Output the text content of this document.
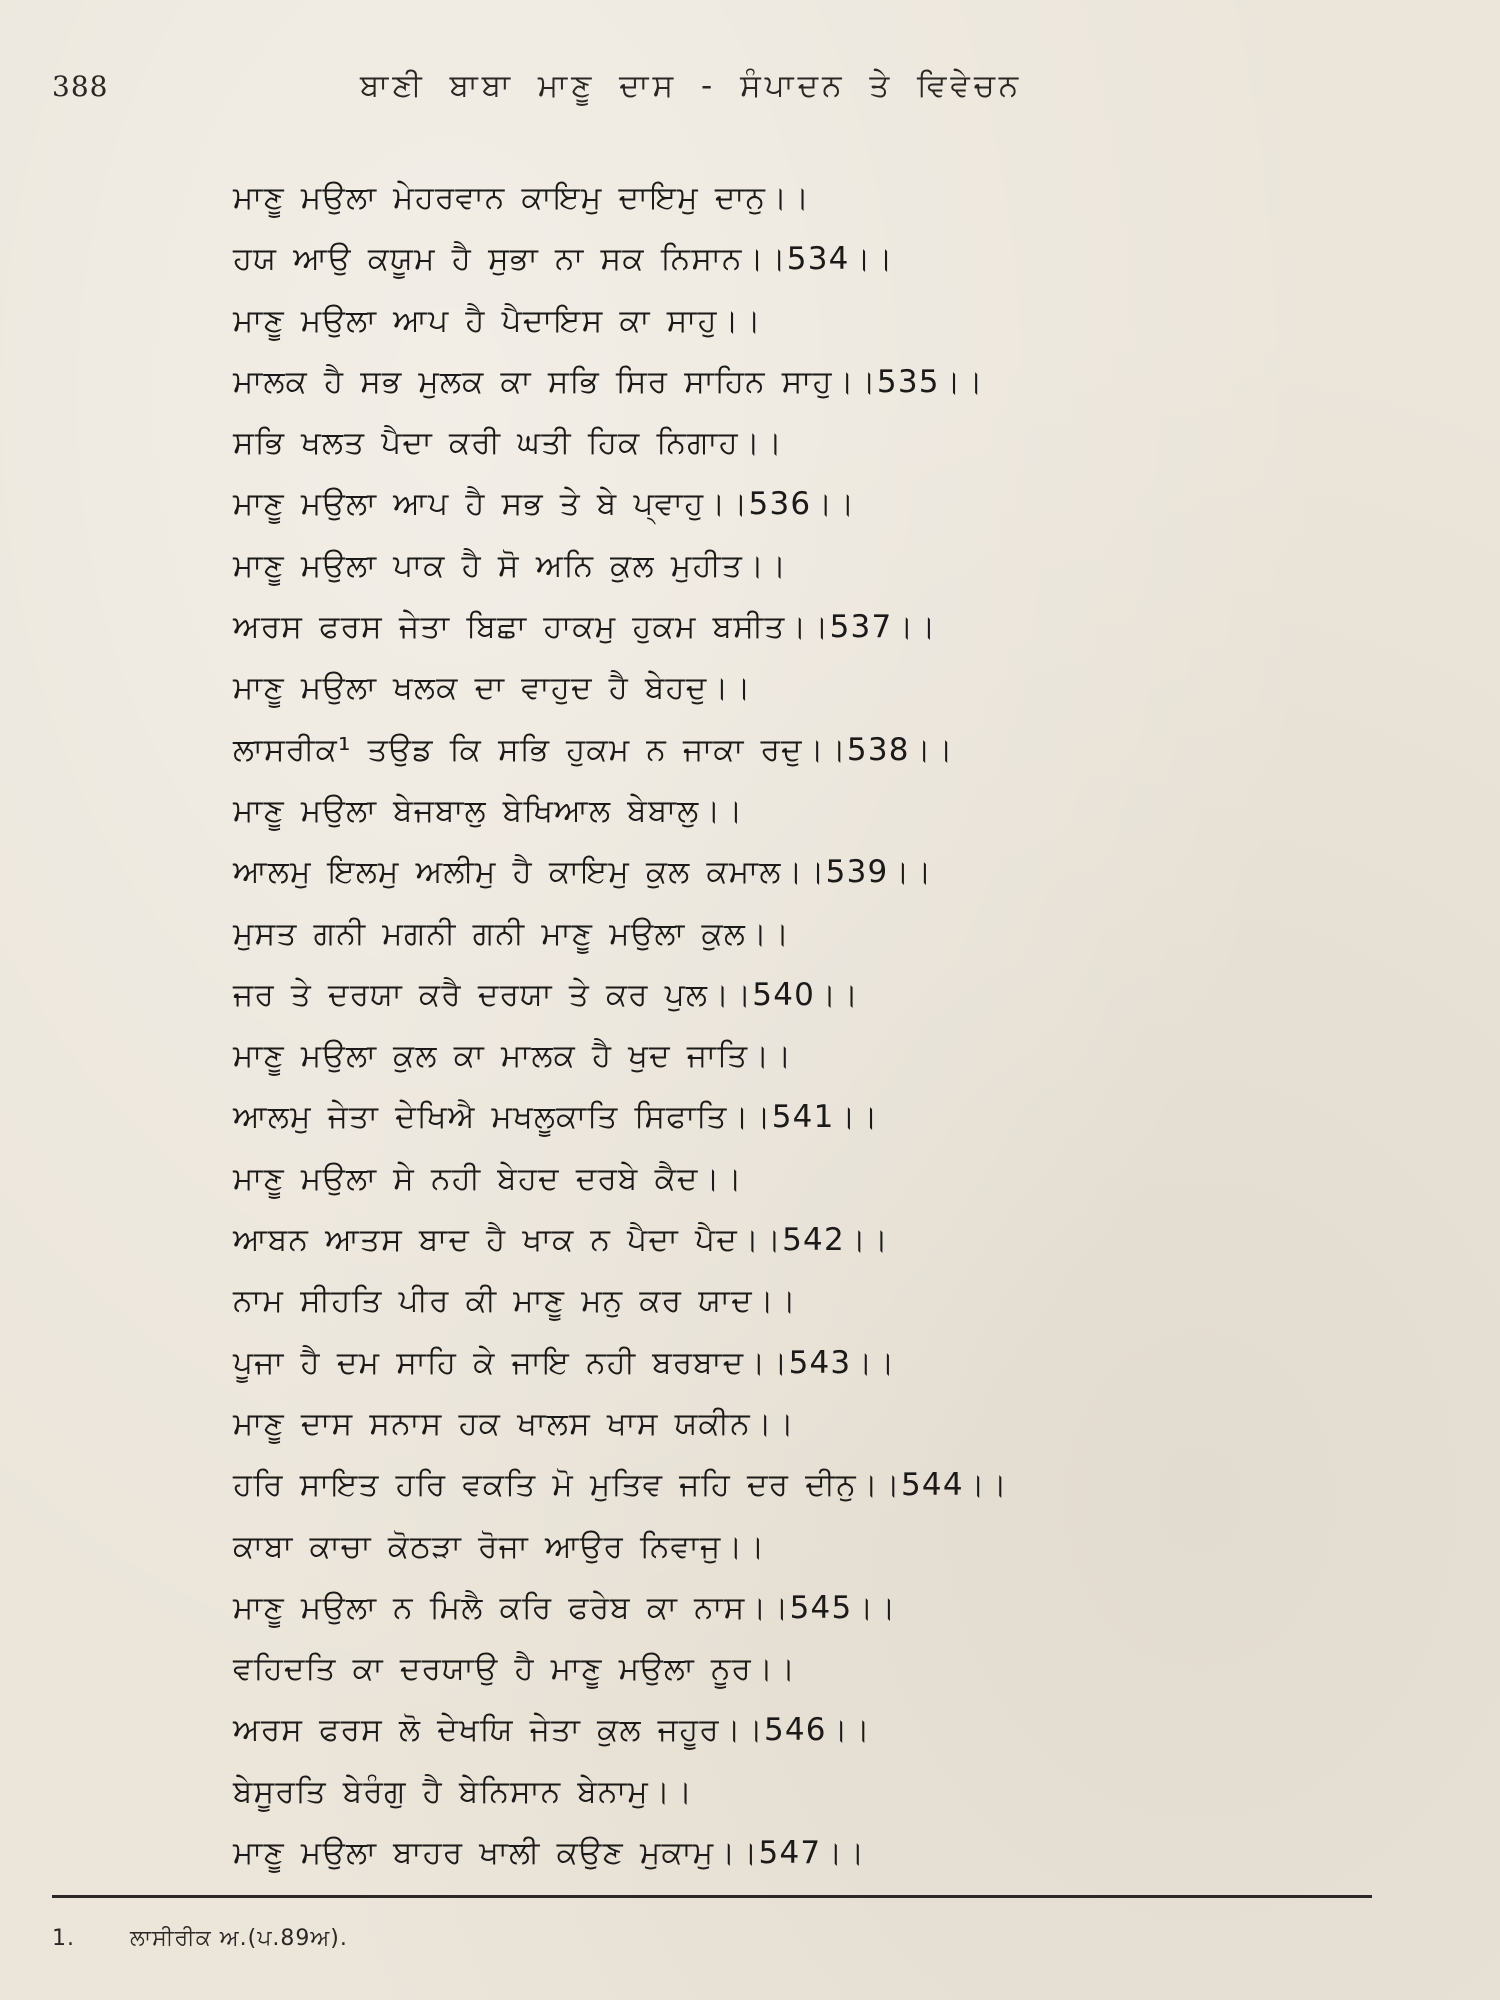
388	ਬਾਣੀ ਬਾਬਾ ਮਾਣੂ ਦਾਸ - ਸੰਪਾਦਨ ਤੇ ਵਿਵੇਚਨ
ਮਾਣੂ ਮਉਲਾ ਮੇਹਰਵਾਨ ਕਾਇਮੁ ਦਾਇਮੁ ਦਾਨੁ।।
ਹਯ ਆਉ ਕਯੂਮ ਹੈ ਸੁਭਾ ਨਾ ਸਕ ਨਿਸਾਨ।।534।।
ਮਾਣੂ ਮਉਲਾ ਆਪ ਹੈ ਪੈਦਾਇਸ ਕਾ ਸਾਹੁ।।
ਮਾਲਕ ਹੈ ਸਭ ਮੁਲਕ ਕਾ ਸਭਿ ਸਿਰ ਸਾਹਿਨ ਸਾਹੁ।।535।।
ਸਭਿ ਖਲਤ ਪੈਦਾ ਕਰੀ ਘਤੀ ਹਿਕ ਨਿਗਾਹ।।
ਮਾਣੂ ਮਉਲਾ ਆਪ ਹੈ ਸਭ ਤੇ ਬੇ ਪ੍ਵਾਹੁ।।536।।
ਮਾਣੂ ਮਉਲਾ ਪਾਕ ਹੈ ਸੋ ਅਨਿ ਕੁਲ ਮੁਹੀਤ।।
ਅਰਸ ਫਰਸ ਜੇਤਾ ਬਿਛਾ ਹਾਕਮੁ ਹੁਕਮ ਬਸੀਤ।।537।।
ਮਾਣੂ ਮਉਲਾ ਖਲਕ ਦਾ ਵਾਹੁਦ ਹੈ ਬੇਹਦੁ।।
ਲਾਸਰੀਕ¹ ਤਉਡ ਕਿ ਸਭਿ ਹੁਕਮ ਨ ਜਾਕਾ ਰਦੁ।।538।।
ਮਾਣੂ ਮਉਲਾ ਬੇਜਬਾਲੁ ਬੇਖਿਆਲ ਬੇਬਾਲੁ।।
ਆਲਮੁ ਇਲਮੁ ਅਲੀਮੁ ਹੈ ਕਾਇਮੁ ਕੁਲ ਕਮਾਲ।।539।।
ਮੁਸਤ ਗਨੀ ਮਗਨੀ ਗਨੀ ਮਾਣੂ ਮਉਲਾ ਕੁਲ।।
ਜਰ ਤੇ ਦਰਯਾ ਕਰੈ ਦਰਯਾ ਤੇ ਕਰ ਪੁਲ।।540।।
ਮਾਣੂ ਮਉਲਾ ਕੁਲ ਕਾ ਮਾਲਕ ਹੈ ਖੁਦ ਜਾਤਿ।।
ਆਲਮੁ ਜੇਤਾ ਦੇਖਿਐ ਮਖਲੂਕਾਤਿ ਸਿਫਾਤਿ।।541।।
ਮਾਣੂ ਮਉਲਾ ਸੇ ਨਹੀ ਬੇਹਦ ਦਰਬੇ ਕੈਦ।।
ਆਬਨ ਆਤਸ ਬਾਦ ਹੈ ਖਾਕ ਨ ਪੈਦਾ ਪੈਦ।।542।।
ਨਾਮ ਸੀਹਤਿ ਪੀਰ ਕੀ ਮਾਣੂ ਮਨੁ ਕਰ ਯਾਦ।।
ਪੂਜਾ ਹੈ ਦਮ ਸਾਹਿ ਕੇ ਜਾਇ ਨਹੀ ਬਰਬਾਦ।।543।।
ਮਾਣੂ ਦਾਸ ਸਨਾਸ ਹਕ ਖਾਲਸ ਖਾਸ ਯਕੀਨ।।
ਹਰਿ ਸਾਇਤ ਹਰਿ ਵਕਤਿ ਮੋ ਮੁਤਿਵ ਜਹਿ ਦਰ ਦੀਨੁ।।544।।
ਕਾਬਾ ਕਾਚਾ ਕੋਠੜਾ ਰੋਜਾ ਆਉਰ ਨਿਵਾਜੁ।।
ਮਾਣੂ ਮਉਲਾ ਨ ਮਿਲੈ ਕਰਿ ਫਰੇਬ ਕਾ ਨਾਸ।।545।।
ਵਹਿਦਤਿ ਕਾ ਦਰਯਾਉ ਹੈ ਮਾਣੂ ਮਉਲਾ ਨੂਰ।।
ਅਰਸ ਫਰਸ ਲੋ ਦੇਖਯਿ ਜੇਤਾ ਕੁਲ ਜਹੂਰ।।546।।
ਬੇਸੂਰਤਿ ਬੇਰੰਗੁ ਹੈ ਬੇਨਿਸਾਨ ਬੇਨਾਮੁ।।
ਮਾਣੂ ਮਉਲਾ ਬਾਹਰ ਖਾਲੀ ਕਉਣ ਮੁਕਾਮੁ।।547।।
1.	ਲਾਸੀਰੀਕ ਅ.(ਪ.89ਅ).
